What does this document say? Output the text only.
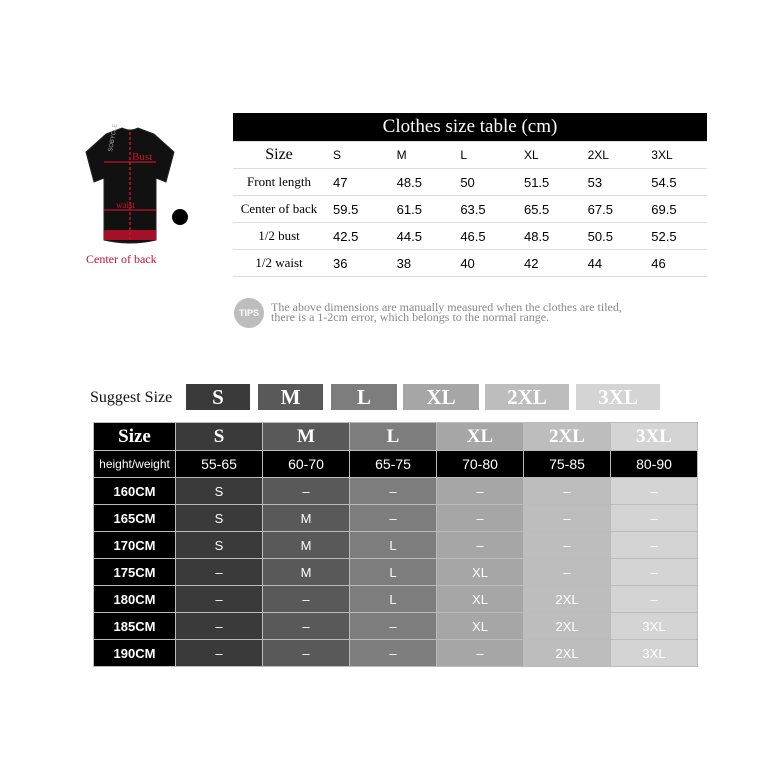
Bust
waist
SOBYCLE
Center of back
Clothes size table (cm)						
Size	S	M	L	XL	2XL	3XL
Front length	47	48.5	50	51.5	53	54.5
Center of back	59.5	61.5	63.5	65.5	67.5	69.5
1/2 bust	42.5	44.5	46.5	48.5	50.5	52.5
1/2 waist	36	38	40	42	44	46
TIPS	The above dimensions are manually measured when the clothes are tiled,
there is a 1-2cm error, which belongs to the normal range.
Suggest Size	S	M	L	XL	2XL	3XL
Size	S	M	L	XL	2XL	3XL
height/weight	55-65	60-70	65-75	70-80	75-85	80-90
160CM	S	–	–	–	–	–
165CM	S	M	–	–	–	–
170CM	S	M	L	–	–	–
175CM	–	M	L	XL	–	–
180CM	–	–	L	XL	2XL	–
185CM	–	–	–	XL	2XL	3XL
190CM	–	–	–	–	2XL	3XL
